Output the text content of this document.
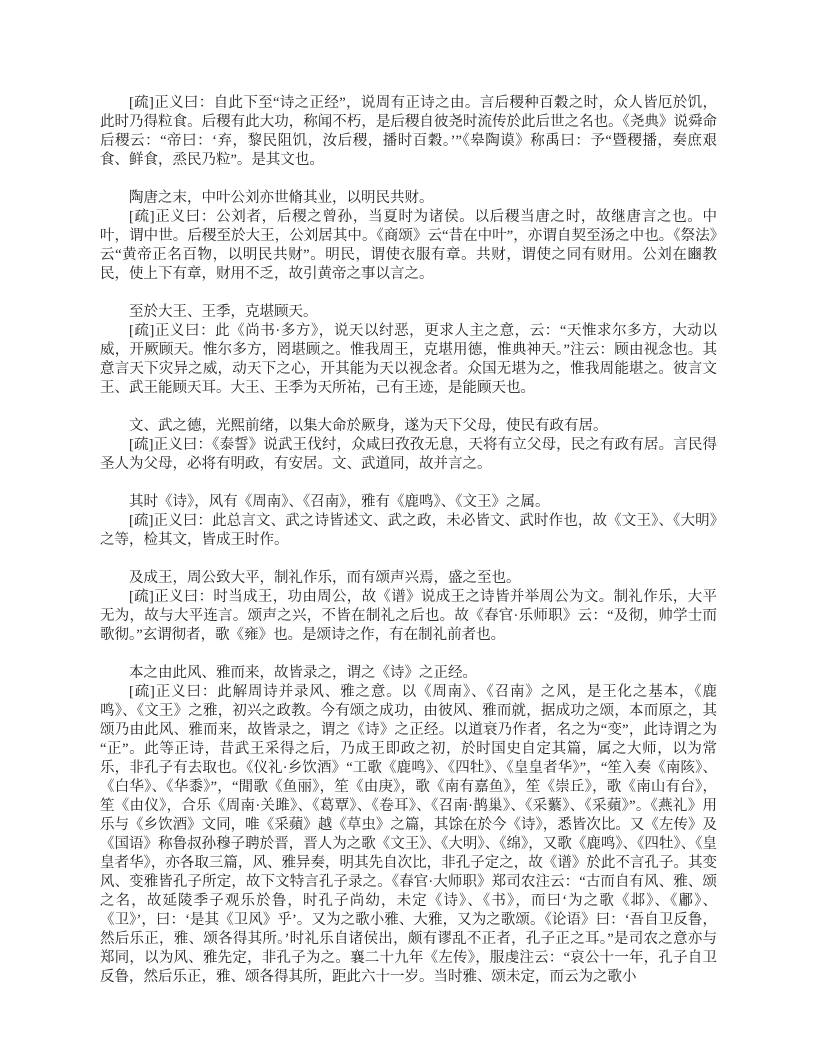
[疏]正义曰：自此下至“诗之正经”，说周有正诗之由。言后稷种百穀之时，众人皆厄於饥，此时乃得粒食。后稷有此大功，称闻不朽，是后稷自彼尧时流传於此后世之名也。《尧典》说舜命后稷云：“帝曰：‘弃，黎民阻饥，汝后稷，播时百穀。’”《皋陶谟》称禹曰：予“暨稷播，奏庶艰食、鲜食，烝民乃粒”。是其文也。

陶唐之末，中叶公刘亦世脩其业，以明民共财。

[疏]正义曰：公刘者，后稷之曾孙，当夏时为诸侯。以后稷当唐之时，故继唐言之也。中叶，谓中世。后稷至於大王，公刘居其中。《商颂》云“昔在中叶”，亦谓自契至汤之中也。《祭法》云“黄帝正名百物，以明民共财”。明民，谓使衣服有章。共财，谓使之同有财用。公刘在豳教民，使上下有章，财用不乏，故引黄帝之事以言之。

至於大王、王季，克堪顾天。

[疏]正义曰：此《尚书·多方》，说天以纣恶，更求人主之意，云：“天惟求尔多方，大动以威，开厥顾天。惟尔多方，罔堪顾之。惟我周王，克堪用德，惟典神天。”注云：顾由视念也。其意言天下灾异之威，动天下之心，开其能为天以视念者。众国无堪为之，惟我周能堪之。彼言文王、武王能顾天耳。大王、王季为天所祐，己有王迹，是能顾天也。

文、武之德，光熙前绪，以集大命於厥身，遂为天下父母，使民有政有居。

[疏]正义曰：《泰誓》说武王伐纣，众咸曰孜孜无息，天将有立父母，民之有政有居。言民得圣人为父母，必将有明政，有安居。文、武道同，故并言之。

其时《诗》，风有《周南》、《召南》，雅有《鹿鸣》、《文王》之属。

[疏]正义曰：此总言文、武之诗皆述文、武之政，未必皆文、武时作也，故《文王》、《大明》之等，检其文，皆成王时作。

及成王，周公致大平，制礼作乐，而有颂声兴焉，盛之至也。

[疏]正义曰：时当成王，功由周公，故《谱》说成王之诗皆并举周公为文。制礼作乐，大平无为，故与大平连言。颂声之兴，不皆在制礼之后也。故《春官·乐师职》云：“及彻，帅学士而歌彻。”玄谓彻者，歌《雍》也。是颂诗之作，有在制礼前者也。

本之由此风、雅而来，故皆录之，谓之《诗》之正经。

[疏]正义曰：此解周诗并录风、雅之意。以《周南》、《召南》之风，是王化之基本，《鹿鸣》、《文王》之雅，初兴之政教。今有颂之成功，由彼风、雅而就，据成功之颂，本而原之，其颂乃由此风、雅而来，故皆录之，谓之《诗》之正经。以道衰乃作者，名之为“变”，此诗谓之为“正”。此等正诗，昔武王采得之后，乃成王即政之初，於时国史自定其篇，属之大师，以为常乐，非孔子有去取也。《仪礼·乡饮酒》“工歌《鹿鸣》、《四牡》、《皇皇者华》”，“笙入奏《南陔》、《白华》、《华黍》”，“閒歌《鱼丽》，笙《由庚》，歌《南有嘉鱼》，笙《崇丘》，歌《南山有台》，笙《由仪》，合乐《周南·关雎》、《葛覃》、《卷耳》、《召南·鹊巢》、《采蘩》、《采蘋》”。《燕礼》用乐与《乡饮酒》文同，唯《采蘋》越《草虫》之篇，其馀在於今《诗》，悉皆次比。又《左传》及《国语》称鲁叔孙穆子聘於晋，晋人为之歌《文王》、《大明》、《绵》，又歌《鹿鸣》、《四牡》、《皇皇者华》，亦各取三篇，风、雅异奏，明其先自次比，非孔子定之，故《谱》於此不言孔子。其变风、变雅皆孔子所定，故下文特言孔子录之。《春官·大师职》郑司农注云：“古而自有风、雅、颂之名，故延陵季子观乐於鲁，时孔子尚幼，未定《诗》、《书》，而曰‘为之歌《邶》、《鄘》、《卫》’，曰：‘是其《卫风》乎’。又为之歌小雅、大雅，又为之歌颂。《论语》曰：‘吾自卫反鲁，然后乐正，雅、颂各得其所。’时礼乐自诸侯出，颇有谬乱不正者，孔子正之耳。”是司农之意亦与郑同，以为风、雅先定，非孔子为之。襄二十九年《左传》，服虔注云：“哀公十一年，孔子自卫反鲁，然后乐正，雅、颂各得其所，距此六十一岁。当时雅、颂未定，而云为之歌小
